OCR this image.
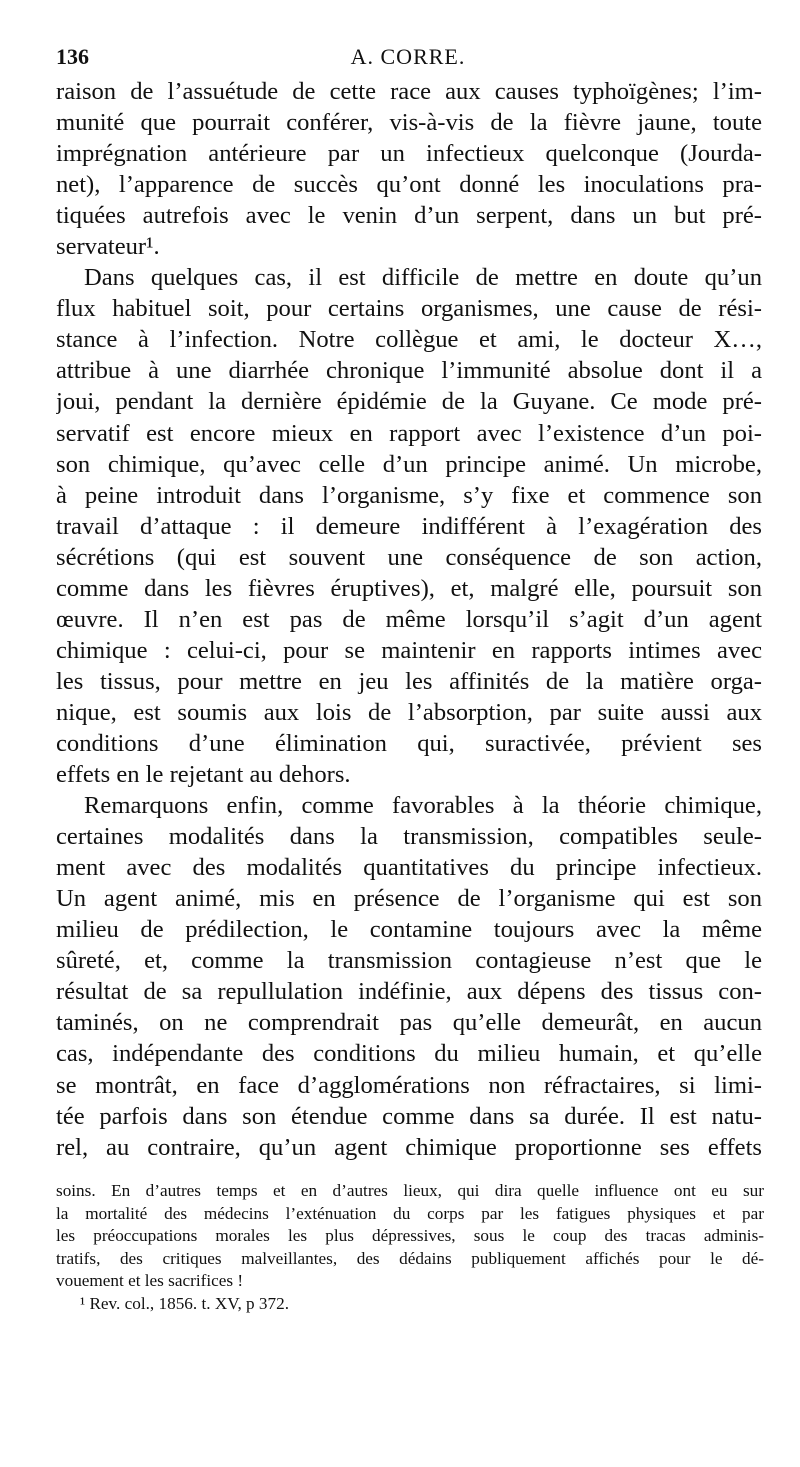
136	A. CORRE.
raison de l’assuétude de cette race aux causes typhoïgènes; l’im-
munité que pourrait conférer, vis-à-vis de la fièvre jaune, toute
imprégnation antérieure par un infectieux quelconque (Jourda-
net), l’apparence de succès qu’ont donné les inoculations pra-
tiquées autrefois avec le venin d’un serpent, dans un but pré-
servateur¹.
Dans quelques cas, il est difficile de mettre en doute qu’un
flux habituel soit, pour certains organismes, une cause de rési-
stance à l’infection. Notre collègue et ami, le docteur X…,
attribue à une diarrhée chronique l’immunité absolue dont il a
joui, pendant la dernière épidémie de la Guyane. Ce mode pré-
servatif est encore mieux en rapport avec l’existence d’un poi-
son chimique, qu’avec celle d’un principe animé. Un microbe,
à peine introduit dans l’organisme, s’y fixe et commence son
travail d’attaque : il demeure indifférent à l’exagération des
sécrétions (qui est souvent une conséquence de son action,
comme dans les fièvres éruptives), et, malgré elle, poursuit son
œuvre. Il n’en est pas de même lorsqu’il s’agit d’un agent
chimique : celui-ci, pour se maintenir en rapports intimes avec
les tissus, pour mettre en jeu les affinités de la matière orga-
nique, est soumis aux lois de l’absorption, par suite aussi aux
conditions d’une élimination qui, suractivée, prévient ses
effets en le rejetant au dehors.
Remarquons enfin, comme favorables à la théorie chimique,
certaines modalités dans la transmission, compatibles seule-
ment avec des modalités quantitatives du principe infectieux.
Un agent animé, mis en présence de l’organisme qui est son
milieu de prédilection, le contamine toujours avec la même
sûreté, et, comme la transmission contagieuse n’est que le
résultat de sa repullulation indéfinie, aux dépens des tissus con-
taminés, on ne comprendrait pas qu’elle demeurât, en aucun
cas, indépendante des conditions du milieu humain, et qu’elle
se montrât, en face d’agglomérations non réfractaires, si limi-
tée parfois dans son étendue comme dans sa durée. Il est natu-
rel, au contraire, qu’un agent chimique proportionne ses effets
soins. En d’autres temps et en d’autres lieux, qui dira quelle influence ont eu sur
la mortalité des médecins l’exténuation du corps par les fatigues physiques et par
les préoccupations morales les plus dépressives, sous le coup des tracas adminis-
tratifs, des critiques malveillantes, des dédains publiquement affichés pour le dé-
vouement et les sacrifices !
¹ Rev. col., 1856. t. XV, p 372.
